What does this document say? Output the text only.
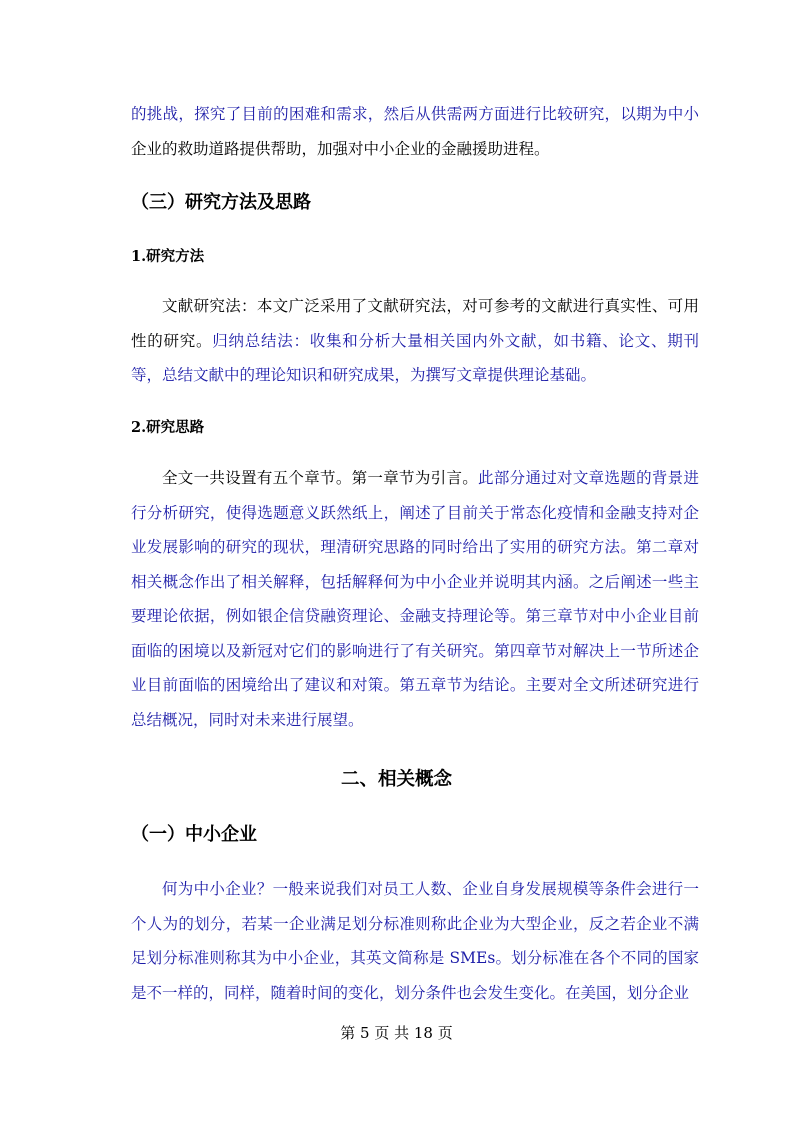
的挑战，探究了目前的困难和需求，然后从供需两方面进行比较研究，以期为中小企业的救助道路提供帮助，加强对中小企业的金融援助进程。

（三）研究方法及思路

1.研究方法

文献研究法：本文广泛采用了文献研究法，对可参考的文献进行真实性、可用性的研究。归纳总结法：收集和分析大量相关国内外文献，如书籍、论文、期刊等，总结文献中的理论知识和研究成果，为撰写文章提供理论基础。

2.研究思路

全文一共设置有五个章节。第一章节为引言。此部分通过对文章选题的背景进行分析研究，使得选题意义跃然纸上，阐述了目前关于常态化疫情和金融支持对企业发展影响的研究的现状，理清研究思路的同时给出了实用的研究方法。第二章对相关概念作出了相关解释，包括解释何为中小企业并说明其内涵。之后阐述一些主要理论依据，例如银企信贷融资理论、金融支持理论等。第三章节对中小企业目前面临的困境以及新冠对它们的影响进行了有关研究。第四章节对解决上一节所述企业目前面临的困境给出了建议和对策。第五章节为结论。主要对全文所述研究进行总结概况，同时对未来进行展望。

二、相关概念

（一）中小企业

何为中小企业？一般来说我们对员工人数、企业自身发展规模等条件会进行一个人为的划分，若某一企业满足划分标准则称此企业为大型企业，反之若企业不满足划分标准则称其为中小企业，其英文简称是 SMEs。划分标准在各个不同的国家是不一样的，同样，随着时间的变化，划分条件也会发生变化。在美国，划分企业

第 5 页 共 18 页
